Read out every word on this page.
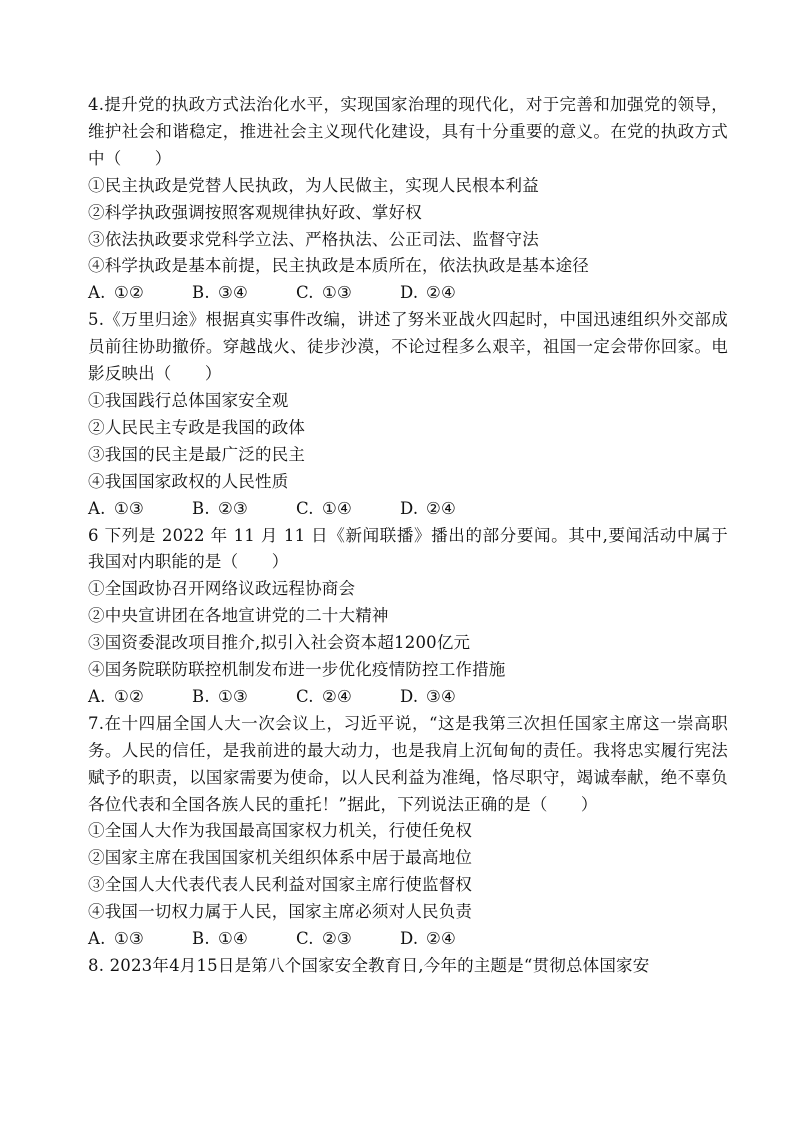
4.提升党的执政方式法治化水平，实现国家治理的现代化，对于完善和加强党的领导，维护社会和谐稳定，推进社会主义现代化建设，具有十分重要的意义。在党的执政方式中（　　）

①民主执政是党替人民执政，为人民做主，实现人民根本利益

②科学执政强调按照客观规律执好政、掌好权

③依法执政要求党科学立法、严格执法、公正司法、监督守法

④科学执政是基本前提，民主执政是本质所在，依法执政是基本途径

A. ①②	B. ③④	C. ①③	D. ②④

5.《万里归途》根据真实事件改编，讲述了努米亚战火四起时，中国迅速组织外交部成员前往协助撤侨。穿越战火、徒步沙漠，不论过程多么艰辛，祖国一定会带你回家。电影反映出（　　）

①我国践行总体国家安全观

②人民民主专政是我国的政体

③我国的民主是最广泛的民主

④我国国家政权的人民性质

A. ①③	B. ②③	C. ①④	D. ②④

6 下列是 2022 年 11 月 11 日《新闻联播》播出的部分要闻。其中,要闻活动中属于我国对内职能的是（　　）

①全国政协召开网络议政远程协商会

②中央宣讲团在各地宣讲党的二十大精神

③国资委混改项目推介,拟引入社会资本超1200亿元

④国务院联防联控机制发布进一步优化疫情防控工作措施

A. ①②	B. ①③	C. ②④	D. ③④

7.在十四届全国人大一次会议上，习近平说，“这是我第三次担任国家主席这一崇高职务。人民的信任，是我前进的最大动力，也是我肩上沉甸甸的责任。我将忠实履行宪法赋予的职责，以国家需要为使命，以人民利益为准绳，恪尽职守，竭诚奉献，绝不辜负各位代表和全国各族人民的重托！”据此，下列说法正确的是（　　）

①全国人大作为我国最高国家权力机关，行使任免权

②国家主席在我国国家机关组织体系中居于最高地位

③全国人大代表代表人民利益对国家主席行使监督权

④我国一切权力属于人民，国家主席必须对人民负责

A. ①③	B. ①④	C. ②③	D. ②④

8. 2023年4月15日是第八个国家安全教育日,今年的主题是“贯彻总体国家安
